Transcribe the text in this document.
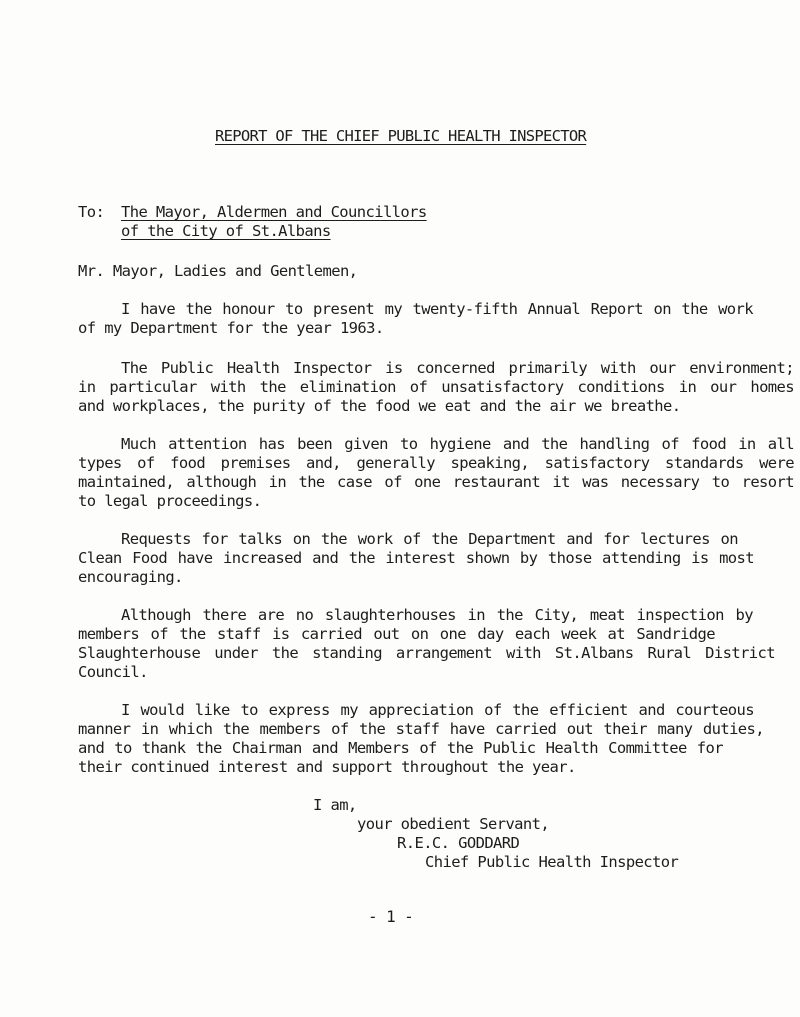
REPORT OF THE CHIEF PUBLIC HEALTH INSPECTOR
To: The Mayor, Aldermen and Councillors
of the City of St.Albans
Mr. Mayor, Ladies and Gentlemen,
I have the honour to present my twenty-fifth Annual Report on the work
of my Department for the year 1963.
The Public Health Inspector is concerned primarily with our environment;
in particular with the elimination of unsatisfactory conditions in our homes
and workplaces, the purity of the food we eat and the air we breathe.
Much attention has been given to hygiene and the handling of food in all
types of food premises and, generally speaking, satisfactory standards were
maintained, although in the case of one restaurant it was necessary to resort
to legal proceedings.
Requests for talks on the work of the Department and for lectures on
Clean Food have increased and the interest shown by those attending is most
encouraging.
Although there are no slaughterhouses in the City, meat inspection by
members of the staff is carried out on one day each week at Sandridge
Slaughterhouse under the standing arrangement with St.Albans Rural District
Council.
I would like to express my appreciation of the efficient and courteous
manner in which the members of the staff have carried out their many duties,
and to thank the Chairman and Members of the Public Health Committee for
their continued interest and support throughout the year.
I am,
your obedient Servant,
R.E.C. GODDARD
Chief Public Health Inspector
- 1 -
